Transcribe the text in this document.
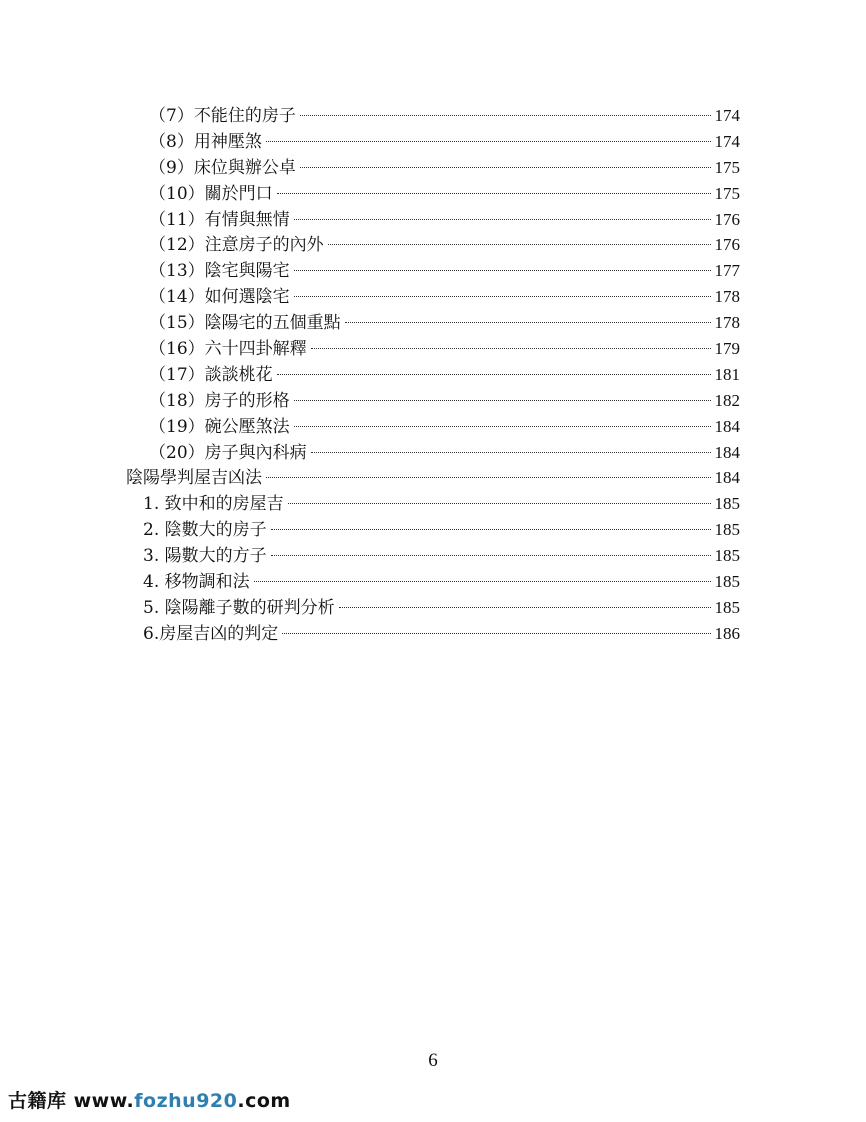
（7）不能住的房子	174
（8）用神壓煞	174
（9）床位與辦公卓	175
（10）關於門口	175
（11）有情與無情	176
（12）注意房子的內外	176
（13）陰宅與陽宅	177
（14）如何選陰宅	178
（15）陰陽宅的五個重點	178
（16）六十四卦解釋	179
（17）談談桃花	181
（18）房子的形格	182
（19）碗公壓煞法	184
（20）房子與內科病	184
陰陽學判屋吉凶法	184
1. 致中和的房屋吉	185
2. 陰數大的房子	185
3. 陽數大的方子	185
4. 移物調和法	185
5. 陰陽離子數的研判分析	185
6.房屋吉凶的判定	186
6
古籍库 www.fozhu920.com
